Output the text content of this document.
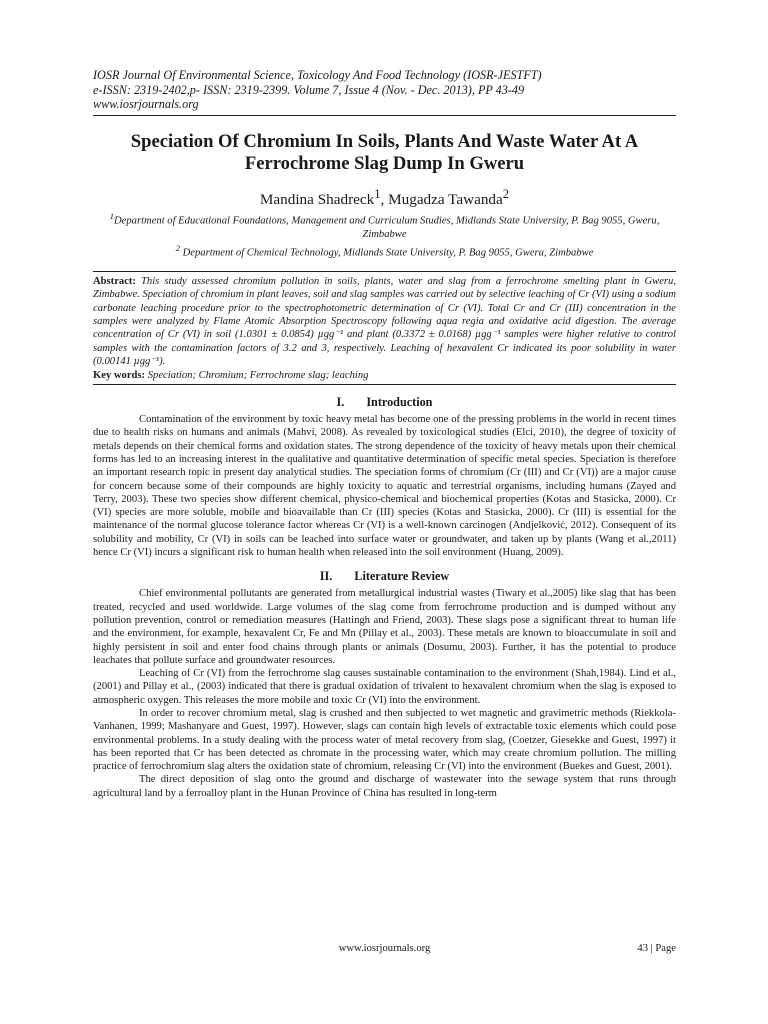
IOSR Journal Of Environmental Science, Toxicology And Food Technology (IOSR-JESTFT)
e-ISSN: 2319-2402,p- ISSN: 2319-2399. Volume 7, Issue 4 (Nov. - Dec. 2013), PP 43-49
www.iosrjournals.org
Speciation Of Chromium In Soils, Plants And Waste Water At A Ferrochrome Slag Dump In Gweru
Mandina Shadreck$^1$, Mugadza Tawanda$^2$
$^1$Department of Educational Foundations, Management and Curriculum Studies, Midlands State University, P. Bag 9055, Gweru, Zimbabwe
$^2$ Department of Chemical Technology, Midlands State University, P. Bag 9055, Gweru, Zimbabwe

Abstract: This study assessed chromium pollution in soils, plants, water and slag from a ferrochrome smelting plant in Gweru, Zimbabwe. Speciation of chromium in plant leaves, soil and slag samples was carried out by selective leaching of Cr (VI) using a sodium carbonate leaching procedure prior to the spectrophotometric determination of Cr (VI). Total Cr and Cr (III) concentration in the samples were analyzed by Flame Atomic Absorption Spectroscopy following aqua regia and oxidative acid digestion. The average concentration of Cr (VI) in soil (1.0301 ± 0.0854) µgg⁻¹ and plant (0.3372 ± 0.0168) µgg⁻¹ samples were higher relative to control samples with the contamination factors of 3.2 and 3, respectively. Leaching of hexavalent Cr indicated its poor solubility in water (0.00141 µgg⁻¹).

Key words: Speciation; Chromium; Ferrochrome slag; leaching

I. Introduction

Contamination of the environment by toxic heavy metal has become one of the pressing problems in the world in recent times due to health risks on humans and animals (Mahvi, 2008). As revealed by toxicological studies (Elci, 2010), the degree of toxicity of metals depends on their chemical forms and oxidation states. The strong dependence of the toxicity of heavy metals upon their chemical forms has led to an increasing interest in the qualitative and quantitative determination of specific metal species. Speciation is therefore an important research topic in present day analytical studies. The speciation forms of chromium (Cr (III) and Cr (VI)) are a major cause for concern because some of their compounds are highly toxicity to aquatic and terrestrial organisms, including humans (Zayed and Terry, 2003). These two species show different chemical, physico-chemical and biochemical properties (Kotas and Stasicka, 2000). Cr (VI) species are more soluble, mobile and bioavailable than Cr (III) species (Kotas and Stasicka, 2000). Cr (III) is essential for the maintenance of the normal glucose tolerance factor whereas Cr (VI) is a well-known carcinogen (Andjelković, 2012). Consequent of its solubility and mobility, Cr (VI) in soils can be leached into surface water or groundwater, and taken up by plants (Wang et al.,2011) hence Cr (VI) incurs a significant risk to human health when released into the soil environment (Huang, 2009).

II. Literature Review

Chief environmental pollutants are generated from metallurgical industrial wastes (Tiwary et al.,2005) like slag that has been treated, recycled and used worldwide. Large volumes of the slag come from ferrochrome production and is dumped without any pollution prevention, control or remediation measures (Hattingh and Friend, 2003). These slags pose a significant threat to human life and the environment, for example, hexavalent Cr, Fe and Mn (Pillay et al., 2003). These metals are known to bioaccumulate in soil and highly persistent in soil and enter food chains through plants or animals (Dosumu, 2003). Further, it has the potential to produce leachates that pollute surface and groundwater resources.

Leaching of Cr (VI) from the ferrochrome slag causes sustainable contamination to the environment (Shah,1984). Lind et al., (2001) and Pillay et al., (2003) indicated that there is gradual oxidation of trivalent to hexavalent chromium when the slag is exposed to atmospheric oxygen. This releases the more mobile and toxic Cr (VI) into the environment.

In order to recover chromium metal, slag is crushed and then subjected to wet magnetic and gravimetric methods (Riekkola-Vanhanen, 1999; Mashanyare and Guest, 1997). However, slags can contain high levels of extractable toxic elements which could pose environmental problems. In a study dealing with the process water of metal recovery from slag, (Coetzer, Giesekke and Guest, 1997) it has been reported that Cr has been detected as chromate in the processing water, which may create chromium pollution. The milling practice of ferrochromium slag alters the oxidation state of chromium, releasing Cr (VI) into the environment (Buekes and Guest, 2001).

The direct deposition of slag onto the ground and discharge of wastewater into the sewage system that runs through agricultural land by a ferroalloy plant in the Hunan Province of China has resulted in long-term

www.iosrjournals.org	43 | Page
